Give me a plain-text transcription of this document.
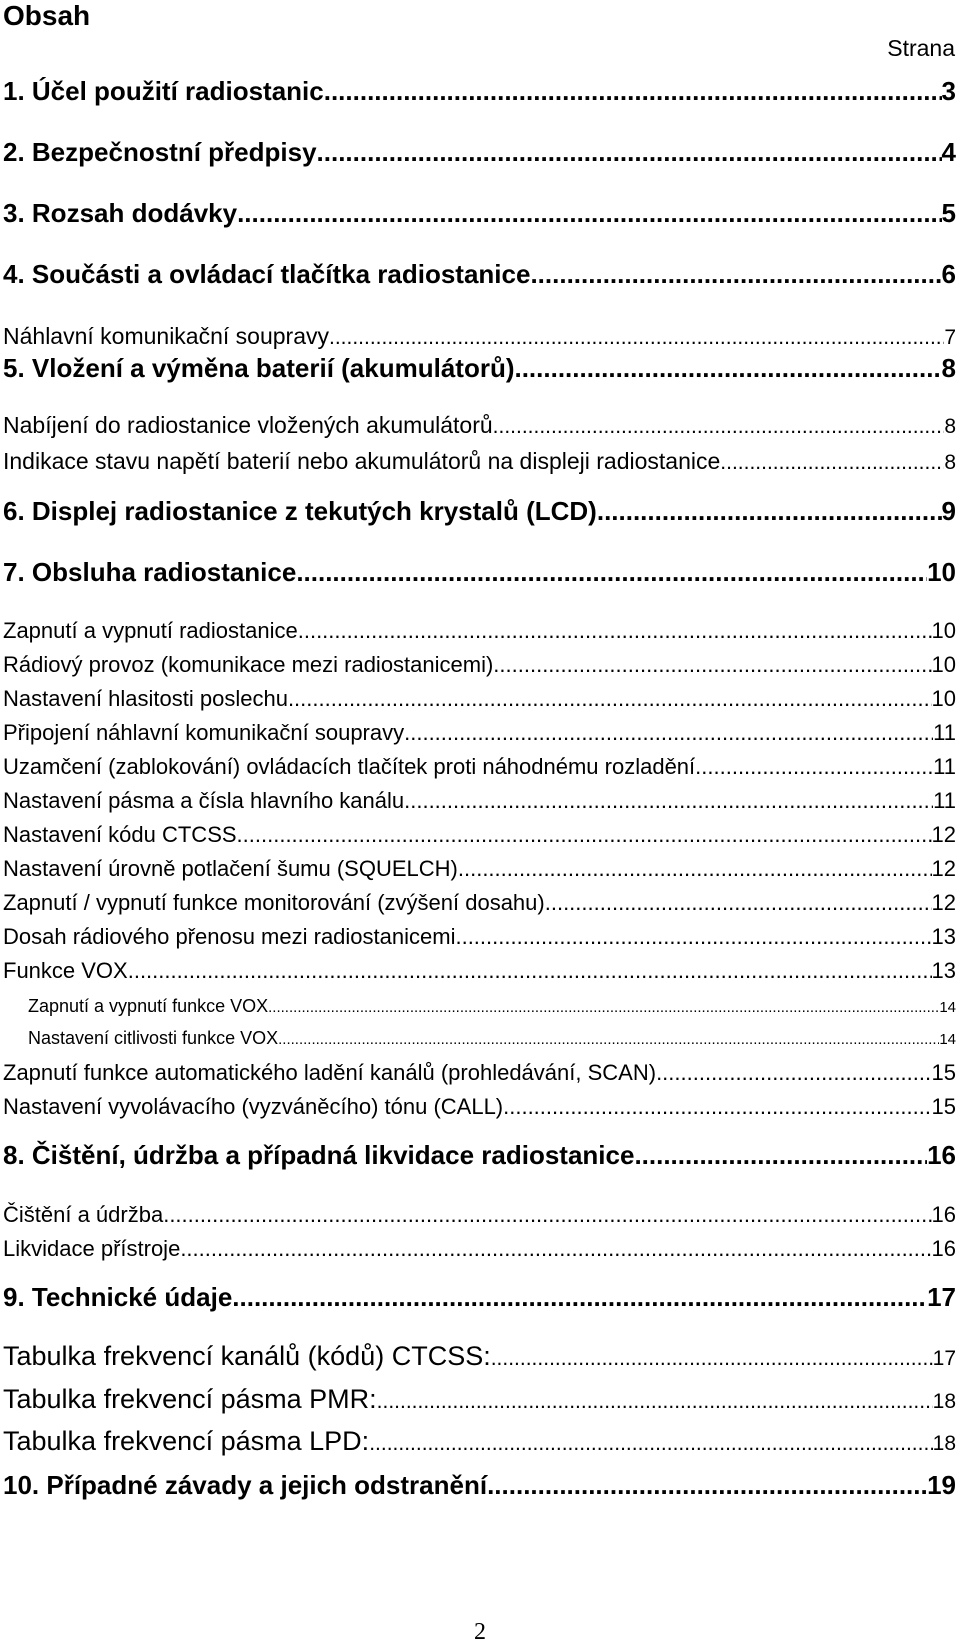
Obsah
Strana
1. Účel použití radiostanic .....	3
2. Bezpečnostní předpisy .....	4
3. Rozsah dodávky .....	5
4. Součásti a ovládací tlačítka radiostanice .....	6
Náhlavní komunikační soupravy .....	7
5. Vložení a výměna baterií (akumulátorů) .....	8
Nabíjení do radiostanice vložených akumulátorů .....	8
Indikace stavu napětí baterií nebo akumulátorů na displeji radiostanice .....	8
6. Displej radiostanice z tekutých krystalů (LCD) .....	9
7. Obsluha radiostanice .....	10
Zapnutí a vypnutí radiostanice .....	10
Rádiový provoz (komunikace mezi radiostanicemi) .....	10
Nastavení hlasitosti poslechu .....	10
Připojení náhlavní komunikační soupravy .....	11
Uzamčení (zablokování) ovládacích tlačítek proti náhodnému rozladění .....	11
Nastavení pásma a čísla hlavního kanálu .....	11
Nastavení kódu CTCSS .....	12
Nastavení úrovně potlačení šumu (SQUELCH) .....	12
Zapnutí / vypnutí funkce monitorování (zvýšení dosahu) .....	12
Dosah rádiového přenosu mezi radiostanicemi .....	13
Funkce VOX .....	13
Zapnutí a vypnutí funkce VOX .....	14
Nastavení citlivosti funkce VOX .....	14
Zapnutí funkce automatického ladění kanálů (prohledávání, SCAN) .....	15
Nastavení vyvolávacího (vyzváněcího) tónu (CALL) .....	15
8. Čištění, údržba a případná likvidace radiostanice .....	16
Čištění a údržba .....	16
Likvidace přístroje .....	16
9. Technické údaje .....	17
Tabulka frekvencí kanálů (kódů) CTCSS: .....	17
Tabulka frekvencí pásma PMR: .....	18
Tabulka frekvencí pásma LPD: .....	18
10. Případné závady a jejich odstranění .....	19
2
